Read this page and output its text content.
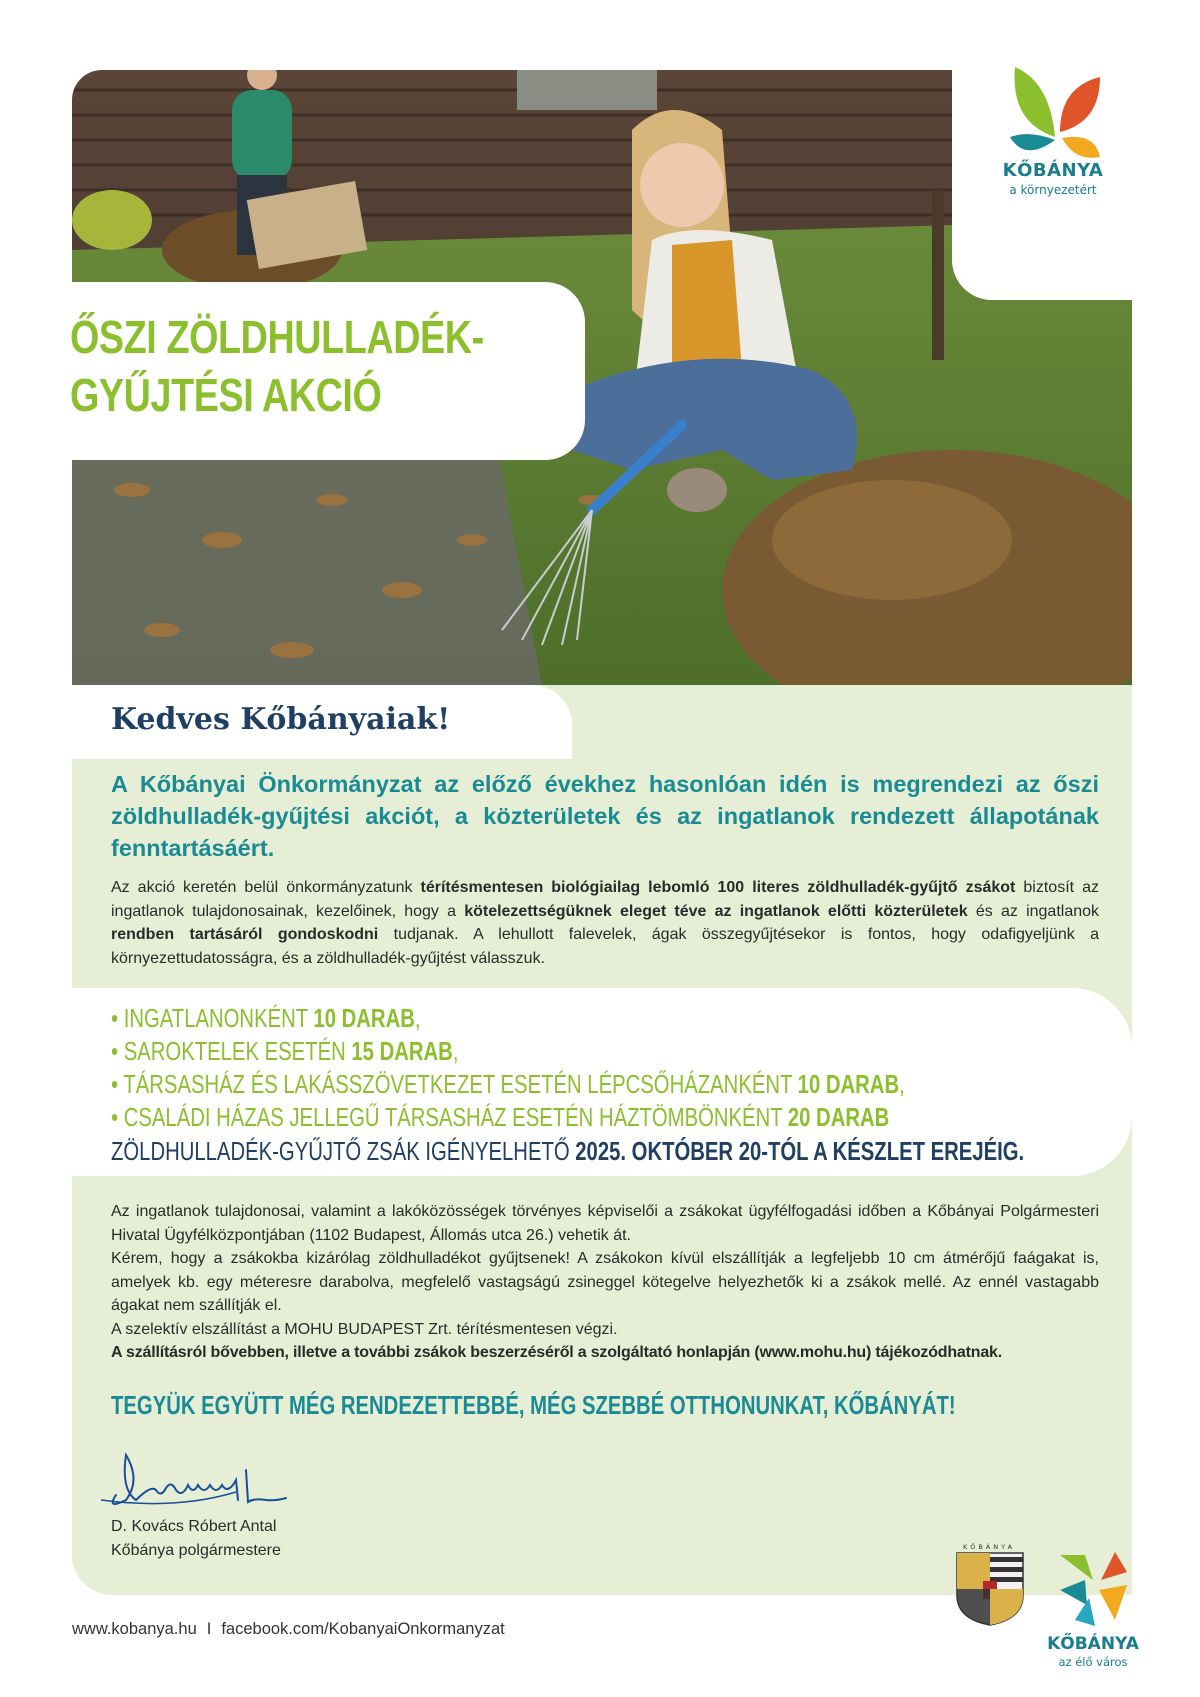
KŐBÁNYA
a környezetért
ŐSZI ZÖLDHULLADÉK-
GYŰJTÉSI AKCIÓ
Kedves Kőbányaiak!
A Kőbányai Önkormányzat az előző évekhez hasonlóan idén is megrendezi az őszi zöldhulladék-gyűjtési akciót, a közterületek és az ingatlanok rendezett állapotának fenntartásáért.
Az akció keretén belül önkormányzatunk térítésmentesen biológiailag lebomló 100 literes zöldhulladék-gyűjtő zsákot biztosít az ingatlanok tulajdonosainak, kezelőinek, hogy a kötelezettségüknek eleget téve az ingatlanok előtti közterületek és az ingatlanok rendben tartásáról gondoskodni tudjanak. A lehullott falevelek, ágak összegyűjtésekor is fontos, hogy odafigyeljünk a környezettudatosságra, és a zöldhulladék-gyűjtést válasszuk.
• INGATLANONKÉNT 10 DARAB,
• SAROKTELEK ESETÉN 15 DARAB,
• TÁRSASHÁZ ÉS LAKÁSSZÖVETKEZET ESETÉN LÉPCSŐHÁZANKÉNT 10 DARAB,
• CSALÁDI HÁZAS JELLEGŰ TÁRSASHÁZ ESETÉN HÁZTÖMBÖNKÉNT 20 DARAB
ZÖLDHULLADÉK-GYŰJTŐ ZSÁK IGÉNYELHETŐ 2025. OKTÓBER 20-TÓL A KÉSZLET EREJÉIG.
Az ingatlanok tulajdonosai, valamint a lakóközösségek törvényes képviselői a zsákokat ügyfélfogadási időben a Kőbányai Polgármesteri Hivatal Ügyfélközpontjában (1102 Budapest, Állomás utca 26.) vehetik át.
Kérem, hogy a zsákokba kizárólag zöldhulladékot gyűjtsenek! A zsákokon kívül elszállítják a legfeljebb 10 cm átmérőjű faágakat is, amelyek kb. egy méteresre darabolva, megfelelő vastagságú zsineggel kötegelve helyezhetők ki a zsákok mellé. Az ennél vastagabb ágakat nem szállítják el.
A szelektív elszállítást a MOHU BUDAPEST Zrt. térítésmentesen végzi.
A szállításról bővebben, illetve a további zsákok beszerzéséről a szolgáltató honlapján (www.mohu.hu) tájékozódhatnak.
TEGYÜK EGYÜTT MÉG RENDEZETTEBBÉ, MÉG SZEBBÉ OTTHONUNKAT, KŐBÁNYÁT!
D. Kovács Róbert Antal
Kőbánya polgármestere	KŐBÁNYA
KŐBÁNYA
az élő város
www.kobanya.hu I facebook.com/KobanyaiOnkormanyzat
